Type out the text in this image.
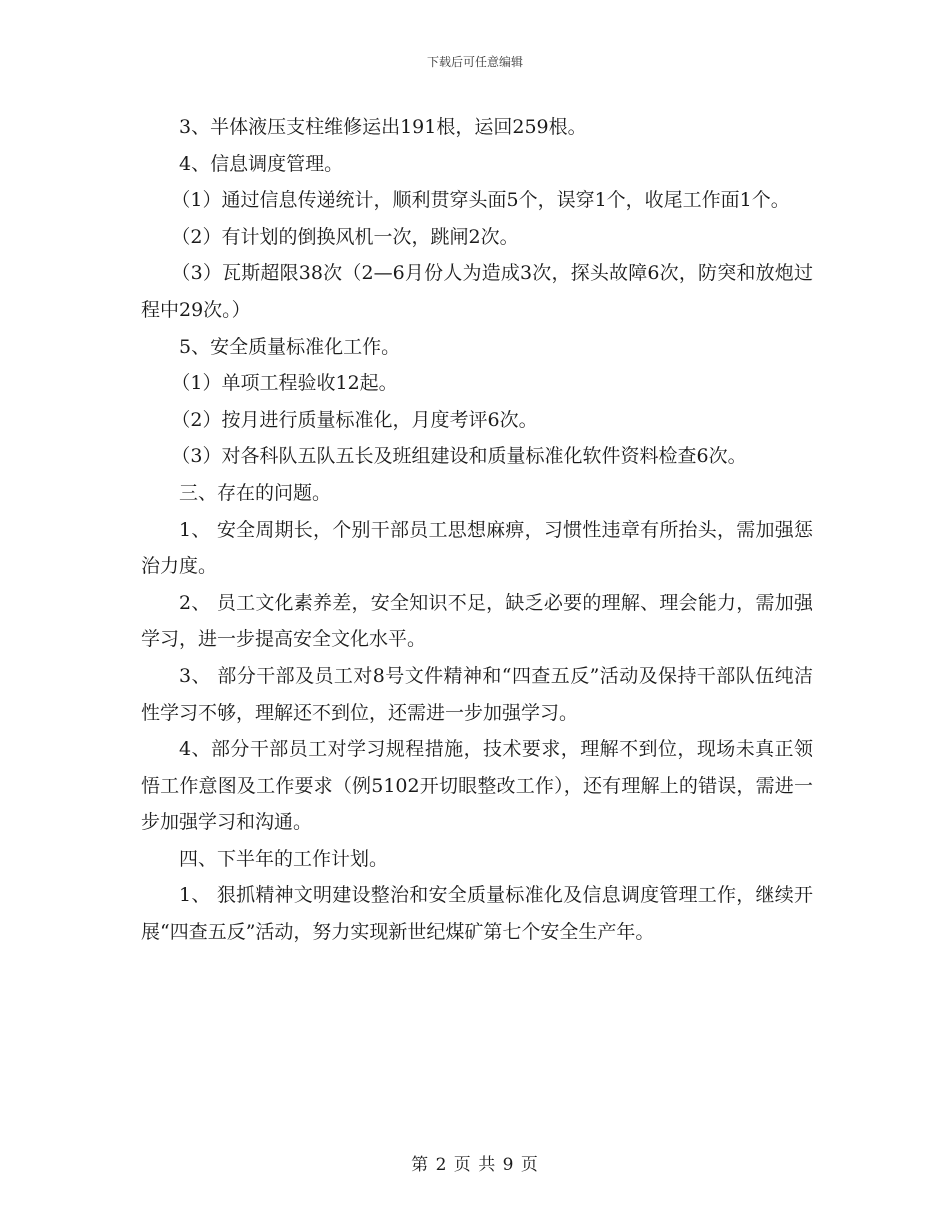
下载后可任意编辑

3、半体液压支柱维修运出191根，运回259根。

4、信息调度管理。

（1）通过信息传递统计，顺利贯穿头面5个，误穿1个，收尾工作面1个。

（2）有计划的倒换风机一次，跳闸2次。

（3）瓦斯超限38次（2—6月份人为造成3次，探头故障6次，防突和放炮过程中29次。）

5、安全质量标准化工作。

（1）单项工程验收12起。

（2）按月进行质量标准化，月度考评6次。

（3）对各科队五队五长及班组建设和质量标准化软件资料检查6次。

三、存在的问题。

1、 安全周期长，个别干部员工思想麻痹，习惯性违章有所抬头，需加强惩治力度。

2、 员工文化素养差，安全知识不足，缺乏必要的理解、理会能力，需加强学习，进一步提高安全文化水平。

3、 部分干部及员工对8号文件精神和“四查五反”活动及保持干部队伍纯洁性学习不够，理解还不到位，还需进一步加强学习。

4、部分干部员工对学习规程措施，技术要求，理解不到位，现场未真正领悟工作意图及工作要求（例5102开切眼整改工作），还有理解上的错误，需进一步加强学习和沟通。

四、下半年的工作计划。

1、 狠抓精神文明建设整治和安全质量标准化及信息调度管理工作，继续开展“四查五反”活动，努力实现新世纪煤矿第七个安全生产年。

第 2 页 共 9 页
